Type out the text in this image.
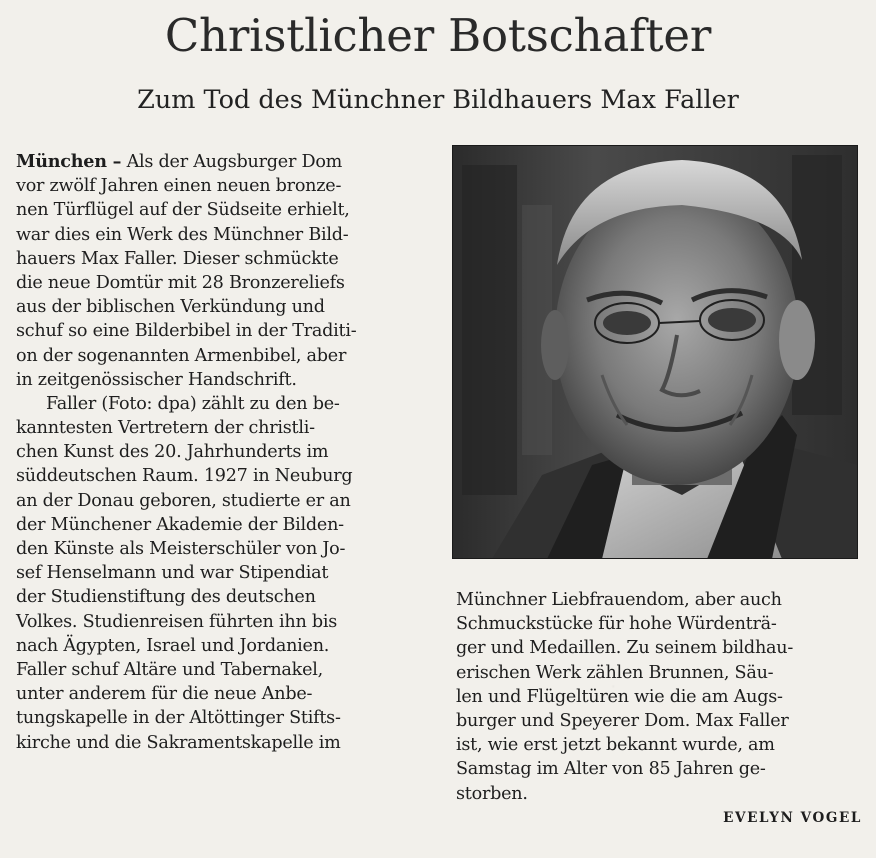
Christlicher Botschafter
Zum Tod des Münchner Bildhauers Max Faller
München – Als der Augsburger Dom
vor zwölf Jahren einen neuen bronze-
nen Türflügel auf der Südseite erhielt,
war dies ein Werk des Münchner Bild-
hauers Max Faller. Dieser schmückte
die neue Domtür mit 28 Bronzereliefs
aus der biblischen Verkündung und
schuf so eine Bilderbibel in der Traditi-
on der sogenannten Armenbibel, aber
in zeitgenössischer Handschrift.
Faller (Foto: dpa) zählt zu den be-
kanntesten Vertretern der christli-
chen Kunst des 20. Jahrhunderts im
süddeutschen Raum. 1927 in Neuburg
an der Donau geboren, studierte er an
der Münchener Akademie der Bilden-
den Künste als Meisterschüler von Jo-
sef Henselmann und war Stipendiat
der Studienstiftung des deutschen
Volkes. Studienreisen führten ihn bis
nach Ägypten, Israel und Jordanien.
Faller schuf Altäre und Tabernakel,
unter anderem für die neue Anbe-
tungskapelle in der Altöttinger Stifts-
kirche und die Sakramentskapelle im
Münchner Liebfrauendom, aber auch
Schmuckstücke für hohe Würdenträ-
ger und Medaillen. Zu seinem bildhau-
erischen Werk zählen Brunnen, Säu-
len und Flügeltüren wie die am Augs-
burger und Speyerer Dom. Max Faller
ist, wie erst jetzt bekannt wurde, am
Samstag im Alter von 85 Jahren ge-
storben.
EVELYN VOGEL
